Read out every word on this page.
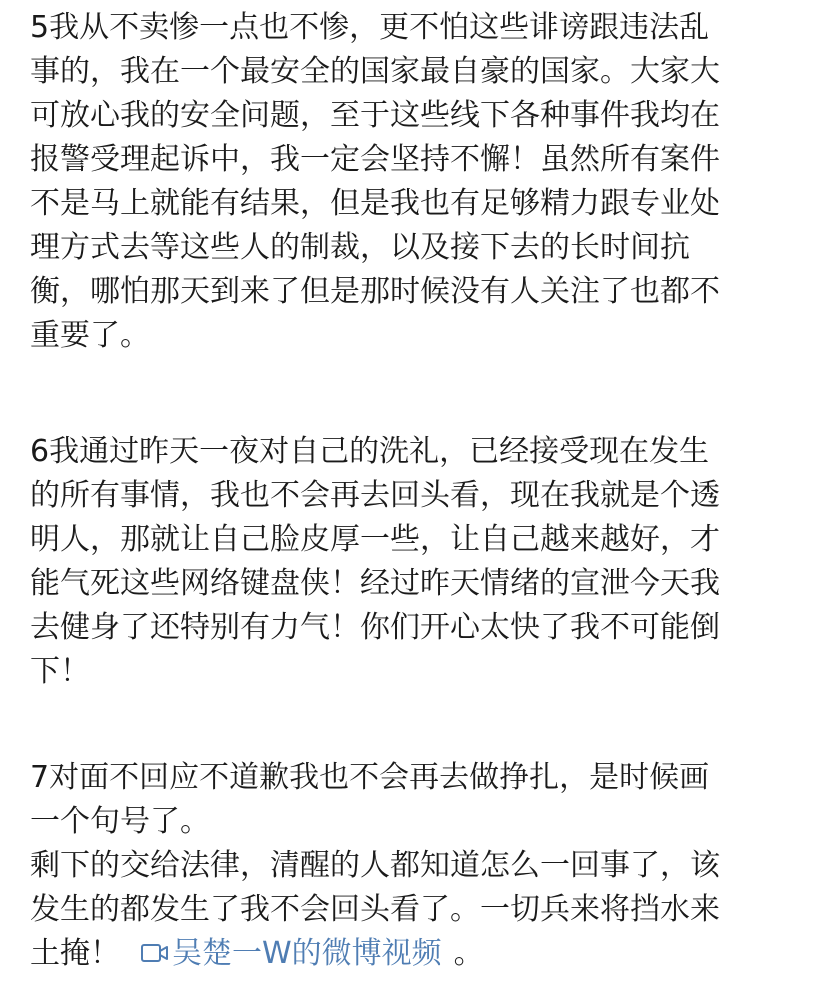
5我从不卖惨一点也不惨，更不怕这些诽谤跟违法乱
事的，我在一个最安全的国家最自豪的国家。大家大
可放心我的安全问题，至于这些线下各种事件我均在
报警受理起诉中，我一定会坚持不懈！虽然所有案件
不是马上就能有结果，但是我也有足够精力跟专业处
理方式去等这些人的制裁，以及接下去的长时间抗
衡，哪怕那天到来了但是那时候没有人关注了也都不
重要了。
6我通过昨天一夜对自己的洗礼，已经接受现在发生
的所有事情，我也不会再去回头看，现在我就是个透
明人，那就让自己脸皮厚一些，让自己越来越好，才
能气死这些网络键盘侠！经过昨天情绪的宣泄今天我
去健身了还特别有力气！你们开心太快了我不可能倒
下！
7对面不回应不道歉我也不会再去做挣扎，是时候画
一个句号了。
剩下的交给法律，清醒的人都知道怎么一回事了，该
发生的都发生了我不会回头看了。一切兵来将挡水来
土掩！ 吴楚一W的微博视频 。
